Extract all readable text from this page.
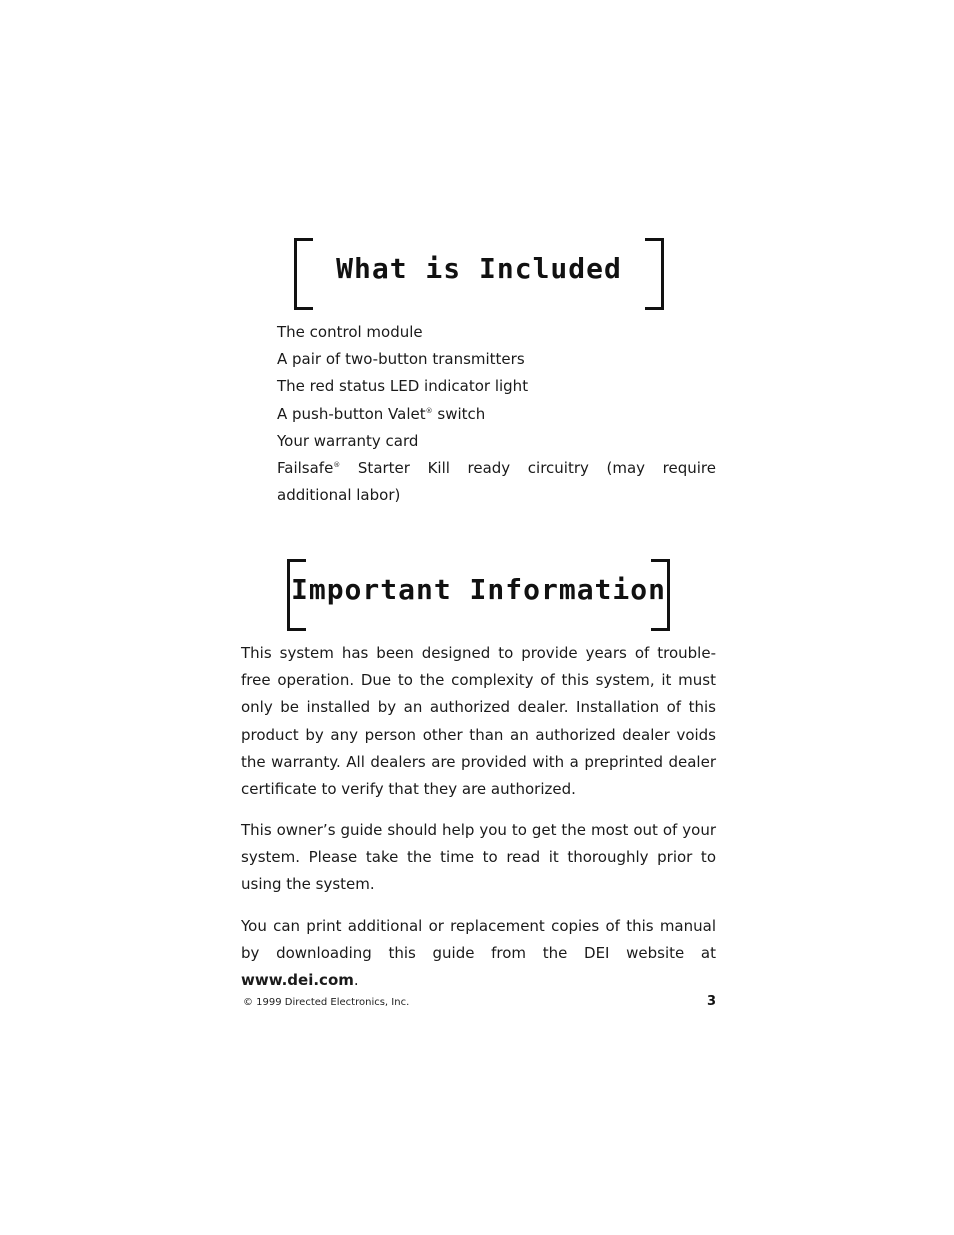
What is Included
The control module
A pair of two-button transmitters
The red status LED indicator light
A push-button Valet® switch
Your warranty card
Failsafe® Starter Kill ready circuitry (may require additional labor)
Important Information

This system has been designed to provide years of trouble-free operation. Due to the complexity of this system, it must only be installed by an authorized dealer. Installation of this product by any person other than an authorized dealer voids the warranty. All dealers are provided with a preprinted dealer certificate to verify that they are authorized.

This owner’s guide should help you to get the most out of your system. Please take the time to read it thoroughly prior to using the system.

You can print additional or replacement copies of this manual by downloading this guide from the DEI website at www.dei.com.

© 1999 Directed Electronics, Inc.	3
